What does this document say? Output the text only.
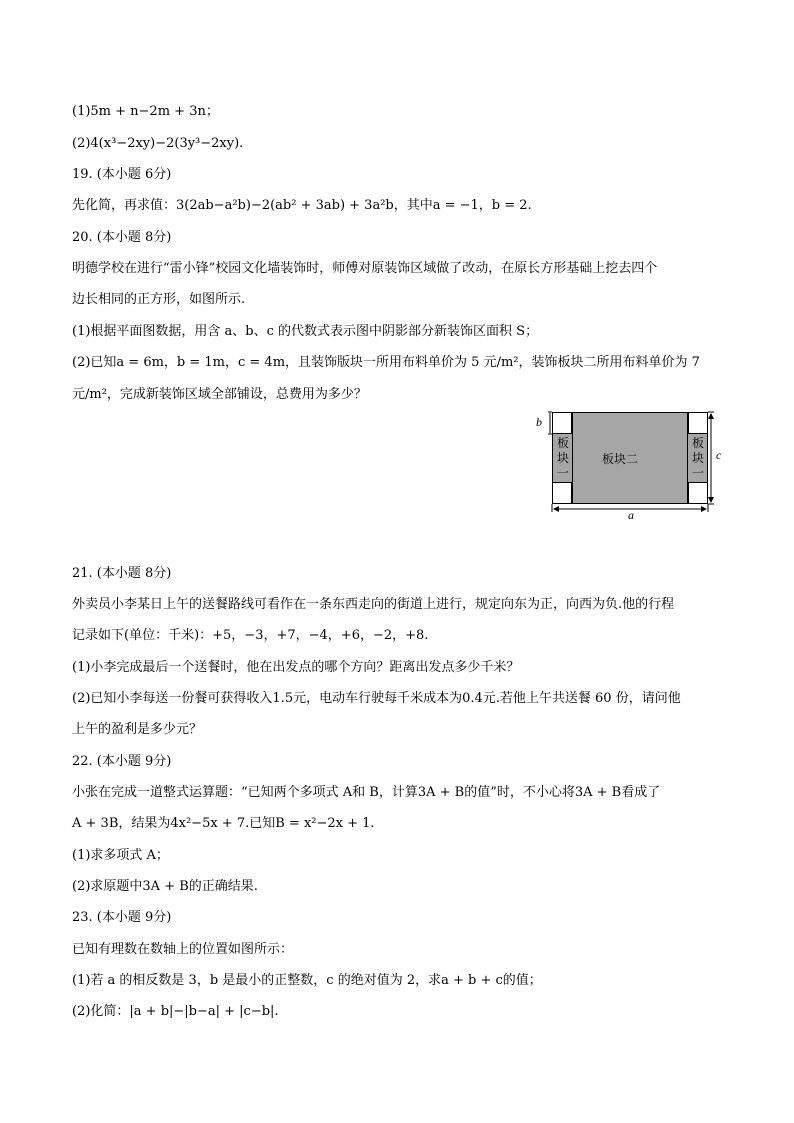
(1)5m + n−2m + 3n；
(2)4(x³−2xy)−2(3y³−2xy).
19. (本小题 6分)
先化简，再求值：3(2ab−a²b)−2(ab² + 3ab) + 3a²b，其中a = −1，b = 2.
20. (本小题 8分)
明德学校在进行“雷小锋”校园文化墙装饰时，师傅对原装饰区域做了改动，在原长方形基础上挖去四个
边长相同的正方形，如图所示.
(1)根据平面图数据，用含 a、b、c 的代数式表示图中阴影部分新装饰区面积 S；
(2)已知a = 6m，b = 1m，c = 4m，且装饰版块一所用布料单价为 5 元/m²，装饰板块二所用布料单价为 7
元/m²，完成新装饰区域全部铺设，总费用为多少？
板块一
板块一
板块二
b
c
a
21. (本小题 8分)
外卖员小李某日上午的送餐路线可看作在一条东西走向的街道上进行，规定向东为正，向西为负.他的行程
记录如下(单位：千米)：+5，−3，+7，−4，+6，−2，+8.
(1)小李完成最后一个送餐时，他在出发点的哪个方向？距离出发点多少千米？
(2)已知小李每送一份餐可获得收入1.5元，电动车行驶每千米成本为0.4元.若他上午共送餐 60 份，请问他
上午的盈利是多少元？
22. (本小题 9分)
小张在完成一道整式运算题：“已知两个多项式 A和 B，计算3A + B的值”时，不小心将3A + B看成了
A + 3B，结果为4x²−5x + 7.已知B = x²−2x + 1.
(1)求多项式 A；
(2)求原题中3A + B的正确结果.
23. (本小题 9分)
已知有理数在数轴上的位置如图所示：
(1)若 a 的相反数是 3，b 是最小的正整数，c 的绝对值为 2，求a + b + c的值；
(2)化简：|a + b|−|b−a| + |c−b|.
